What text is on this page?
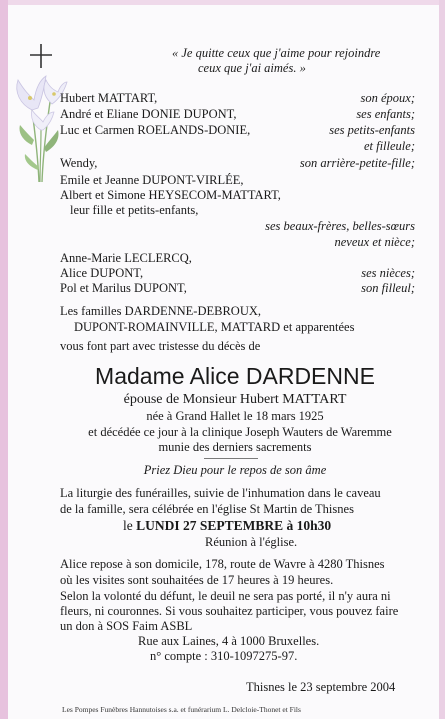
« Je quitte ceux que j'aime pour rejoindre
ceux que j'ai aimés. »
Hubert MATTART,	son époux;
André et Eliane DONIE DUPONT,	ses enfants;
Luc et Carmen ROELANDS-DONIE,	ses petits-enfants
et filleule;
Wendy,	son arrière-petite-fille;
Emile et Jeanne DUPONT-VIRLÉE,
Albert et Simone HEYSECOM-MATTART,
leur fille et petits-enfants,
ses beaux-frères, belles-sœurs
neveux et nièce;
Anne-Marie LECLERCQ,
Alice DUPONT,	ses nièces;
Pol et Marilus DUPONT,	son filleul;
Les familles DARDENNE-DEBROUX,
DUPONT-ROMAINVILLE, MATTARD et apparentées
vous font part avec tristesse du décès de
Madame Alice DARDENNE
épouse de Monsieur Hubert MATTART
née à Grand Hallet le 18 mars 1925
et décédée ce jour à la clinique Joseph Wauters de Waremme
munie des derniers sacrements
Priez Dieu pour le repos de son âme
La liturgie des funérailles, suivie de l'inhumation dans le caveau
de la famille, sera célébrée en l'église St Martin de Thisnes
le LUNDI 27 SEPTEMBRE à 10h30
Réunion à l'église.
Alice repose à son domicile, 178, route de Wavre à 4280 Thisnes
où les visites sont souhaitées de 17 heures à 19 heures.
Selon la volonté du défunt, le deuil ne sera pas porté, il n'y aura ni
fleurs, ni couronnes. Si vous souhaitez participer, vous pouvez faire
un don à SOS Faim ASBL
Rue aux Laines, 4 à 1000 Bruxelles.
n° compte : 310-1097275-97.
Thisnes le 23 septembre 2004
Les Pompes Funèbres Hannutoises s.a. et funérarium L. Delcloie-Thonet et Fils
